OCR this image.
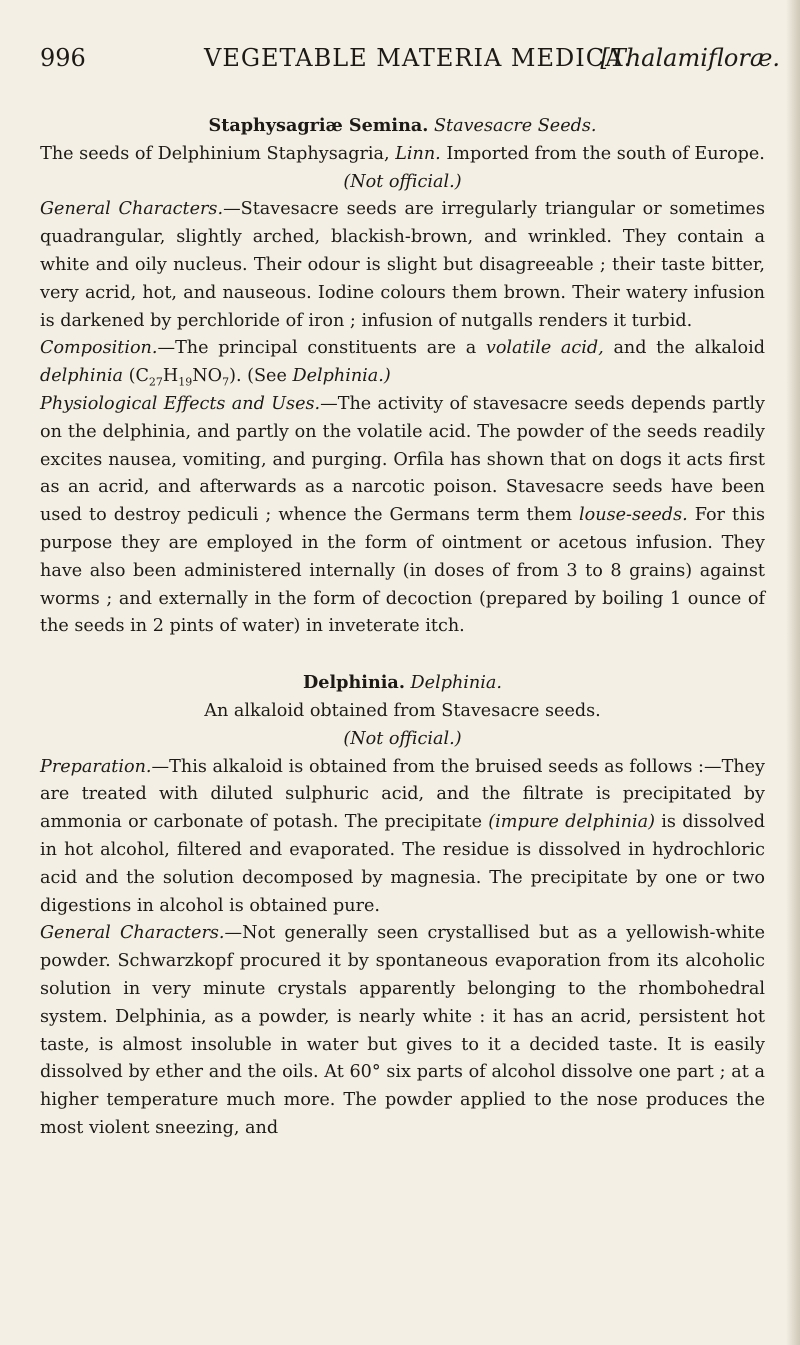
996	VEGETABLE MATERIA MEDICA.
[Thalamifloræ.

Staphysagriæ Semina. Stavesacre Seeds.

The seeds of Delphinium Staphysagria, Linn. Imported from the south of Europe.

(Not official.)

General Characters.—Stavesacre seeds are irregularly triangular or sometimes quadrangular, slightly arched, blackish-brown, and wrinkled. They contain a white and oily nucleus. Their odour is slight but disagreeable ; their taste bitter, very acrid, hot, and nauseous. Iodine colours them brown. Their watery infusion is darkened by perchloride of iron ; infusion of nutgalls renders it turbid.

Composition.—The principal constituents are a volatile acid, and the alkaloid delphinia $(C_{27}H_{19}NO_7)$. (See Delphinia.)

Physiological Effects and Uses.—The activity of stavesacre seeds depends partly on the delphinia, and partly on the volatile acid. The powder of the seeds readily excites nausea, vomiting, and purging. Orfila has shown that on dogs it acts first as an acrid, and afterwards as a narcotic poison. Stavesacre seeds have been used to destroy pediculi ; whence the Germans term them louse-seeds. For this purpose they are employed in the form of ointment or acetous infusion. They have also been administered internally (in doses of from 3 to 8 grains) against worms ; and externally in the form of decoction (prepared by boiling 1 ounce of the seeds in 2 pints of water) in inveterate itch.

Delphinia. Delphinia.

An alkaloid obtained from Stavesacre seeds.

(Not official.)

Preparation.—This alkaloid is obtained from the bruised seeds as follows :—They are treated with diluted sulphuric acid, and the filtrate is precipitated by ammonia or carbonate of potash. The precipitate (impure delphinia) is dissolved in hot alcohol, filtered and evaporated. The residue is dissolved in hydrochloric acid and the solution decomposed by magnesia. The precipitate by one or two digestions in alcohol is obtained pure.

General Characters.—Not generally seen crystallised but as a yellowish-white powder. Schwarzkopf procured it by spontaneous evaporation from its alcoholic solution in very minute crystals apparently belonging to the rhombohedral system. Delphinia, as a powder, is nearly white : it has an acrid, persistent hot taste, is almost insoluble in water but gives to it a decided taste. It is easily dissolved by ether and the oils. At 60° six parts of alcohol dissolve one part ; at a higher temperature much more. The powder applied to the nose produces the most violent sneezing, and
